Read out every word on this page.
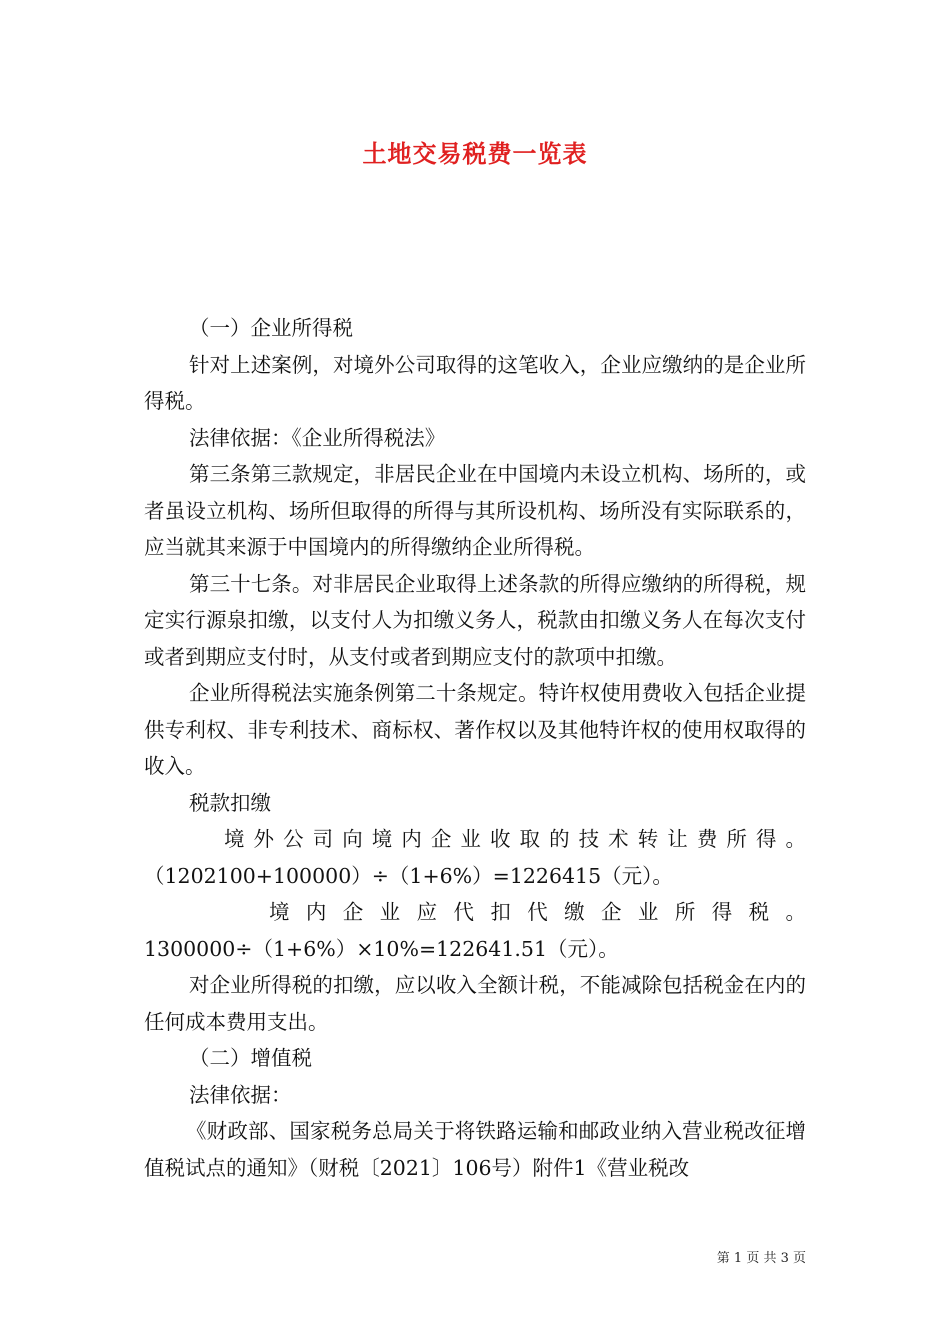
土地交易税费一览表

（一）企业所得税

针对上述案例，对境外公司取得的这笔收入，企业应缴纳的是企业所得税。

法律依据：《企业所得税法》

第三条第三款规定，非居民企业在中国境内未设立机构、场所的，或者虽设立机构、场所但取得的所得与其所设机构、场所没有实际联系的，应当就其来源于中国境内的所得缴纳企业所得税。

第三十七条。对非居民企业取得上述条款的所得应缴纳的所得税，规定实行源泉扣缴，以支付人为扣缴义务人，税款由扣缴义务人在每次支付或者到期应支付时，从支付或者到期应支付的款项中扣缴。

企业所得税法实施条例第二十条规定。特许权使用费收入包括企业提供专利权、非专利技术、商标权、著作权以及其他特许权的使用权取得的收入。

税款扣缴

境外公司向境内企业收取的技术转让费所得。

（1202100+100000）÷（1+6%）=1226415（元）。

境内企业应代扣代缴企业所得税。

1300000÷（1+6%）×10%=122641.51（元）。

对企业所得税的扣缴，应以收入全额计税，不能减除包括税金在内的任何成本费用支出。

（二）增值税

法律依据：

《财政部、国家税务总局关于将铁路运输和邮政业纳入营业税改征增值税试点的通知》（财税〔2021〕106号）附件1《营业税改

第 1 页 共 3 页
